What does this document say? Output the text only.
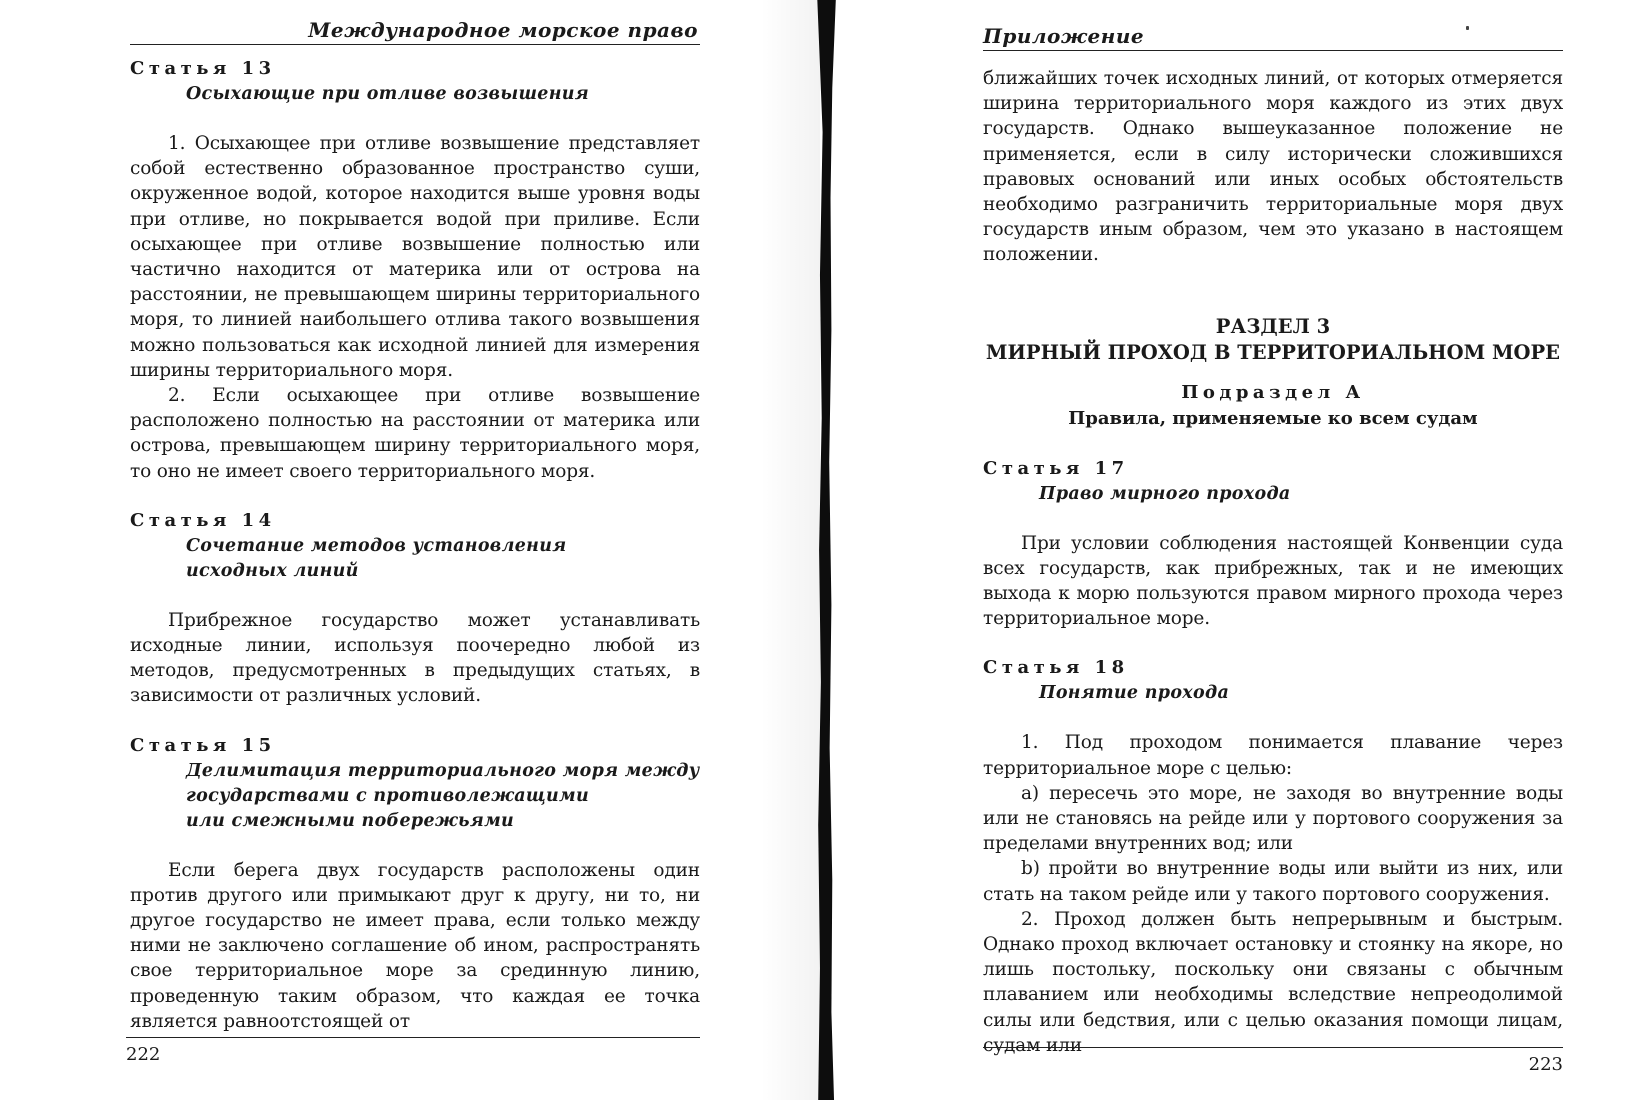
Международное морское право
Статья 13
Осыхающие при отливе возвышения

1. Осыхающее при отливе возвышение представляет собой естественно образованное пространство суши, окруженное водой, которое находится выше уровня воды при отливе, но покрывается водой при приливе. Если осыхающее при отливе возвышение полностью или частично находится от материка или от острова на расстоянии, не превышающем ширины территориального моря, то линией наибольшего отлива такого возвышения можно пользоваться как исходной линией для измерения ширины территориального моря.

2. Если осыхающее при отливе возвышение расположено полностью на расстоянии от материка или острова, превышающем ширину территориального моря, то оно не имеет своего территориального моря.

Статья 14
Сочетание методов установления
исходных линий

Прибрежное государство может устанавливать исходные линии, используя поочередно любой из методов, предусмотренных в предыдущих статьях, в зависимости от различных условий.

Статья 15
Делимитация территориального моря между
государствами с противолежащими
или смежными побережьями

Если берега двух государств расположены один против другого или примыкают друг к другу, ни то, ни другое государство не имеет права, если только между ними не заключено соглашение об ином, распространять свое территориальное море за срединную линию, проведенную таким образом, что каждая ее точка является равноотстоящей от

222
Приложение

ближайших точек исходных линий, от которых отмеряется ширина территориального моря каждого из этих двух государств. Однако вышеуказанное положение не применяется, если в силу исторически сложившихся правовых оснований или иных особых обстоятельств необходимо разграничить территориальные моря двух государств иным образом, чем это указано в настоящем положении.

РАЗДЕЛ 3
МИРНЫЙ ПРОХОД В ТЕРРИТОРИАЛЬНОМ МОРЕ
Подраздел А
Правила, применяемые ко всем судам
Статья 17
Право мирного прохода

При условии соблюдения настоящей Конвенции суда всех государств, как прибрежных, так и не имеющих выхода к морю пользуются правом мирного прохода через территориальное море.

Статья 18
Понятие прохода

1. Под проходом понимается плавание через территориальное море с целью:

a) пересечь это море, не заходя во внутренние воды или не становясь на рейде или у портового сооружения за пределами внутренних вод; или

b) пройти во внутренние воды или выйти из них, или стать на таком рейде или у такого портового сооружения.

2. Проход должен быть непрерывным и быстрым. Однако проход включает остановку и стоянку на якоре, но лишь постольку, поскольку они связаны с обычным плаванием или необходимы вследствие непреодолимой силы или бедствия, или с целью оказания помощи лицам, судам или

223
